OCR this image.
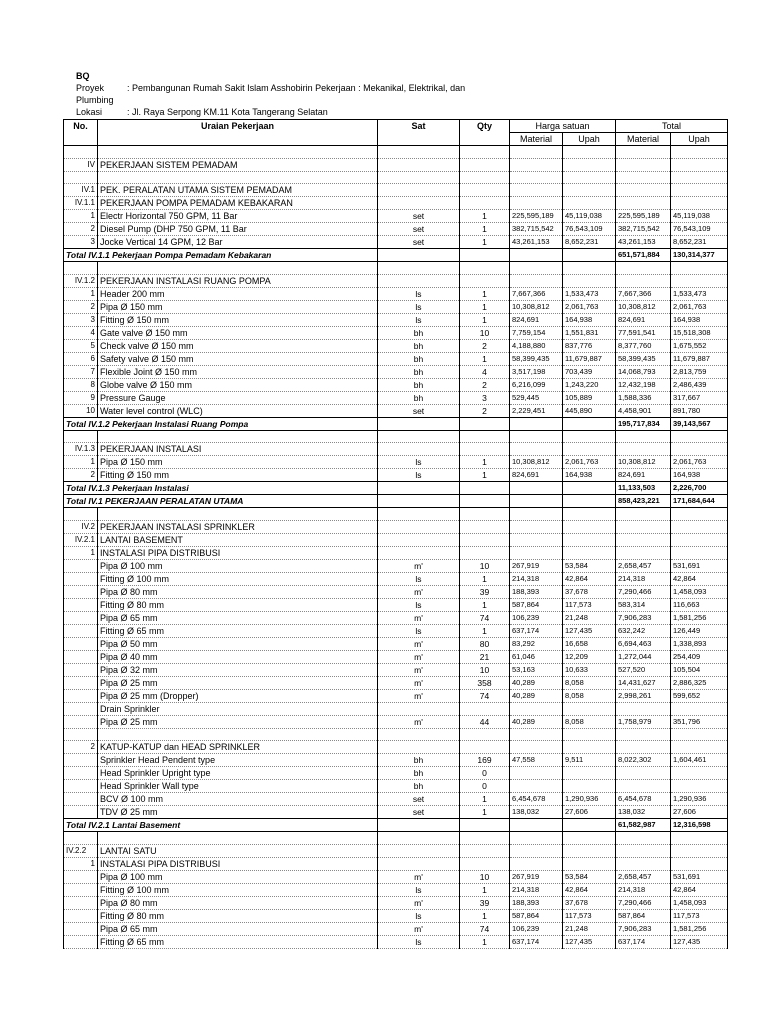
BQ
Proyek	: Pembangunan Rumah Sakit Islam Asshobirin Pekerjaan : Mekanikal, Elektrikal, dan
Plumbing
Lokasi	: Jl. Raya Serpong KM.11 Kota Tangerang Selatan
No.	Uraian Pekerjaan	Sat	Qty	Harga satuan		Total	
				Material	Upah	Material	Upah

IV	PEKERJAAN SISTEM PEMADAM						

IV.1	PEK. PERALATAN UTAMA SISTEM PEMADAM						
IV.1.1	PEKERJAAN POMPA PEMADAM KEBAKARAN						
1	Electr Horizontal 750 GPM, 11 Bar	set	1	225,595,189	45,119,038	225,595,189	45,119,038
2	Diesel Pump (DHP 750 GPM, 11 Bar	set	1	382,715,542	76,543,109	382,715,542	76,543,109
3	Jocke Vertical 14 GPM, 12 Bar	set	1	43,261,153	8,652,231	43,261,153	8,652,231
Total IV.1.1 Pekerjaan Pompa Pemadam Kebakaran						651,571,884	130,314,377

IV.1.2	PEKERJAAN INSTALASI RUANG POMPA						
1	Header 200 mm	ls	1	7,667,366	1,533,473	7,667,366	1,533,473
2	Pipa Ø 150 mm	ls	1	10,308,812	2,061,763	10,308,812	2,061,763
3	Fitting Ø 150 mm	ls	1	824,691	164,938	824,691	164,938
4	Gate valve Ø 150 mm	bh	10	7,759,154	1,551,831	77,591,541	15,518,308
5	Check valve Ø 150 mm	bh	2	4,188,880	837,776	8,377,760	1,675,552
6	Safety valve Ø 150 mm	bh	1	58,399,435	11,679,887	58,399,435	11,679,887
7	Flexible Joint Ø 150 mm	bh	4	3,517,198	703,439	14,068,793	2,813,759
8	Globe valve Ø 150 mm	bh	2	6,216,099	1,243,220	12,432,198	2,486,439
9	Pressure Gauge	bh	3	529,445	105,889	1,588,336	317,667
10	Water level control (WLC)	set	2	2,229,451	445,890	4,458,901	891,780
Total IV.1.2 Pekerjaan Instalasi Ruang Pompa						195,717,834	39,143,567

IV.1.3	PEKERJAAN INSTALASI						
1	Pipa Ø 150 mm	ls	1	10,308,812	2,061,763	10,308,812	2,061,763
2	Fitting Ø 150 mm	ls	1	824,691	164,938	824,691	164,938
Total IV.1.3 Pekerjaan Instalasi						11,133,503	2,226,700
Total IV.1 PEKERJAAN PERALATAN UTAMA						858,423,221	171,684,644

IV.2	PEKERJAAN INSTALASI SPRINKLER						
IV.2.1	LANTAI BASEMENT						
1	INSTALASI PIPA DISTRIBUSI						
	Pipa Ø 100 mm	m'	10	267,919	53,584	2,658,457	531,691
	Fitting Ø 100 mm	ls	1	214,318	42,864	214,318	42,864
	Pipa Ø 80 mm	m'	39	188,393	37,678	7,290,466	1,458,093
	Fitting Ø 80 mm	ls	1	587,864	117,573	583,314	116,663
	Pipa Ø 65 mm	m'	74	106,239	21,248	7,906,283	1,581,256
	Fitting Ø 65 mm	ls	1	637,174	127,435	632,242	126,449
	Pipa Ø 50 mm	m'	80	83,292	16,658	6,694,463	1,338,893
	Pipa Ø 40 mm	m'	21	61,046	12,209	1,272,044	254,409
	Pipa Ø 32 mm	m'	10	53,163	10,633	527,520	105,504
	Pipa Ø 25 mm	m'	358	40,289	8,058	14,431,627	2,886,325
	Pipa Ø 25 mm (Dropper)	m'	74	40,289	8,058	2,998,261	599,652
	Drain Sprinkler						
	Pipa Ø 25 mm	m'	44	40,289	8,058	1,758,979	351,796

2	KATUP-KATUP dan HEAD SPRINKLER						
	Sprinkler Head Pendent type	bh	169	47,558	9,511	8,022,302	1,604,461
	Head Sprinkler Upright type	bh	0				
	Head Sprinkler Wall type	bh	0				
	BCV Ø 100 mm	set	1	6,454,678	1,290,936	6,454,678	1,290,936
	TDV Ø 25 mm	set	1	138,032	27,606	138,032	27,606
Total IV.2.1 Lantai Basement						61,582,987	12,316,598

IV.2.2	LANTAI SATU						
1	INSTALASI PIPA DISTRIBUSI						
	Pipa Ø 100 mm	m'	10	267,919	53,584	2,658,457	531,691
	Fitting Ø 100 mm	ls	1	214,318	42,864	214,318	42,864
	Pipa Ø 80 mm	m'	39	188,393	37,678	7,290,466	1,458,093
	Fitting Ø 80 mm	ls	1	587,864	117,573	587,864	117,573
	Pipa Ø 65 mm	m'	74	106,239	21,248	7,906,283	1,581,256
	Fitting Ø 65 mm	ls	1	637,174	127,435	637,174	127,435
